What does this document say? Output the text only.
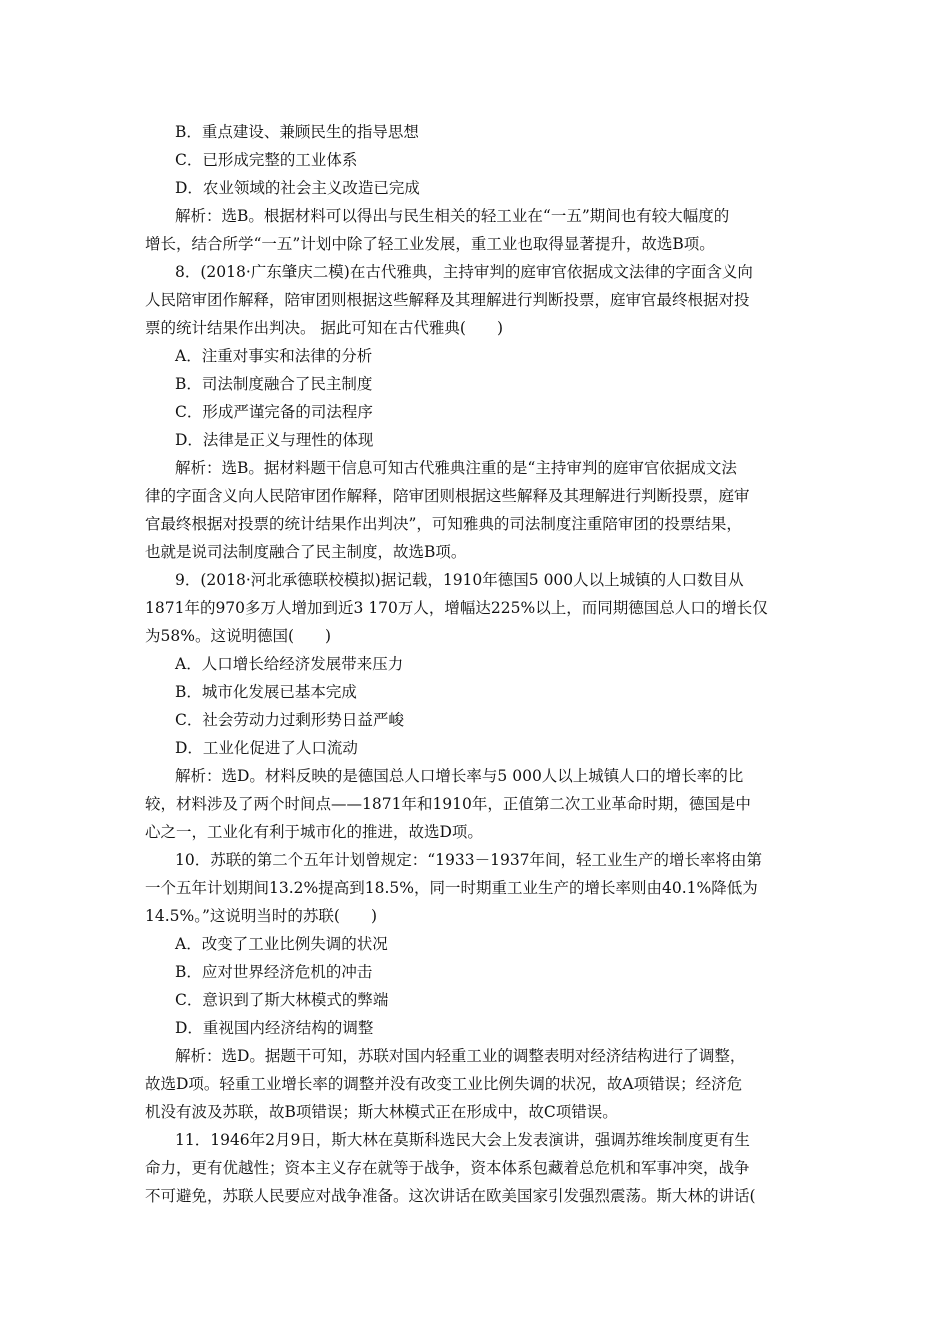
B．重点建设、兼顾民生的指导思想
C．已形成完整的工业体系
D．农业领域的社会主义改造已完成
解析：选B。根据材料可以得出与民生相关的轻工业在“一五”期间也有较大幅度的
增长，结合所学“一五”计划中除了轻工业发展，重工业也取得显著提升，故选B项。
8．(2018·广东肇庆二模)在古代雅典，主持审判的庭审官依据成文法律的字面含义向
人民陪审团作解释，陪审团则根据这些解释及其理解进行判断投票，庭审官最终根据对投
票的统计结果作出判决。 据此可知在古代雅典(　　)
A．注重对事实和法律的分析
B．司法制度融合了民主制度
C．形成严谨完备的司法程序
D．法律是正义与理性的体现
解析：选B。据材料题干信息可知古代雅典注重的是“主持审判的庭审官依据成文法
律的字面含义向人民陪审团作解释，陪审团则根据这些解释及其理解进行判断投票，庭审
官最终根据对投票的统计结果作出判决”，可知雅典的司法制度注重陪审团的投票结果，
也就是说司法制度融合了民主制度，故选B项。
9．(2018·河北承德联校模拟)据记载，1910年德国5 000人以上城镇的人口数目从
1871年的970多万人增加到近3 170万人，增幅达225%以上，而同期德国总人口的增长仅
为58%。这说明德国(　　)
A．人口增长给经济发展带来压力
B．城市化发展已基本完成
C．社会劳动力过剩形势日益严峻
D．工业化促进了人口流动
解析：选D。材料反映的是德国总人口增长率与5 000人以上城镇人口的增长率的比
较，材料涉及了两个时间点——1871年和1910年，正值第二次工业革命时期，德国是中
心之一，工业化有利于城市化的推进，故选D项。
10．苏联的第二个五年计划曾规定：“1933－1937年间，轻工业生产的增长率将由第
一个五年计划期间13.2%提高到18.5%，同一时期重工业生产的增长率则由40.1%降低为
14.5%。”这说明当时的苏联(　　)
A．改变了工业比例失调的状况
B．应对世界经济危机的冲击
C．意识到了斯大林模式的弊端
D．重视国内经济结构的调整
解析：选D。据题干可知，苏联对国内轻重工业的调整表明对经济结构进行了调整，
故选D项。轻重工业增长率的调整并没有改变工业比例失调的状况，故A项错误；经济危
机没有波及苏联，故B项错误；斯大林模式正在形成中，故C项错误。
11．1946年2月9日，斯大林在莫斯科选民大会上发表演讲，强调苏维埃制度更有生
命力，更有优越性；资本主义存在就等于战争，资本体系包藏着总危机和军事冲突，战争
不可避免，苏联人民要应对战争准备。这次讲话在欧美国家引发强烈震荡。斯大林的讲话(
